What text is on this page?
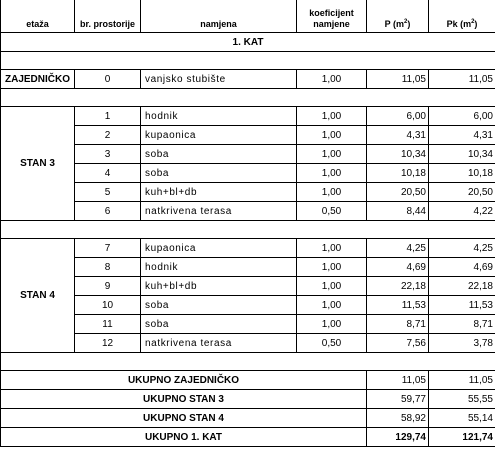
etaža	br. prostorije	namjena	koeficijent namjene	P $(m^2)$	Pk $(m^2)$
1. KAT					

ZAJEDNIČKO	0	vanjsko stubište	1,00	11,05	11,05

STAN 3	1	hodnik	1,00	6,00	6,00
	2	kupaonica	1,00	4,31	4,31
	3	soba	1,00	10,34	10,34
	4	soba	1,00	10,18	10,18
	5	kuh+bl+db	1,00	20,50	20,50
	6	natkrivena terasa	0,50	8,44	4,22

STAN 4	7	kupaonica	1,00	4,25	4,25
	8	hodnik	1,00	4,69	4,69
	9	kuh+bl+db	1,00	22,18	22,18
	10	soba	1,00	11,53	11,53
	11	soba	1,00	8,71	8,71
	12	natkrivena terasa	0,50	7,56	3,78

UKUPNO ZAJEDNIČKO				11,05	11,05
UKUPNO STAN 3				59,77	55,55
UKUPNO STAN 4				58,92	55,14
UKUPNO 1. KAT				129,74	121,74
